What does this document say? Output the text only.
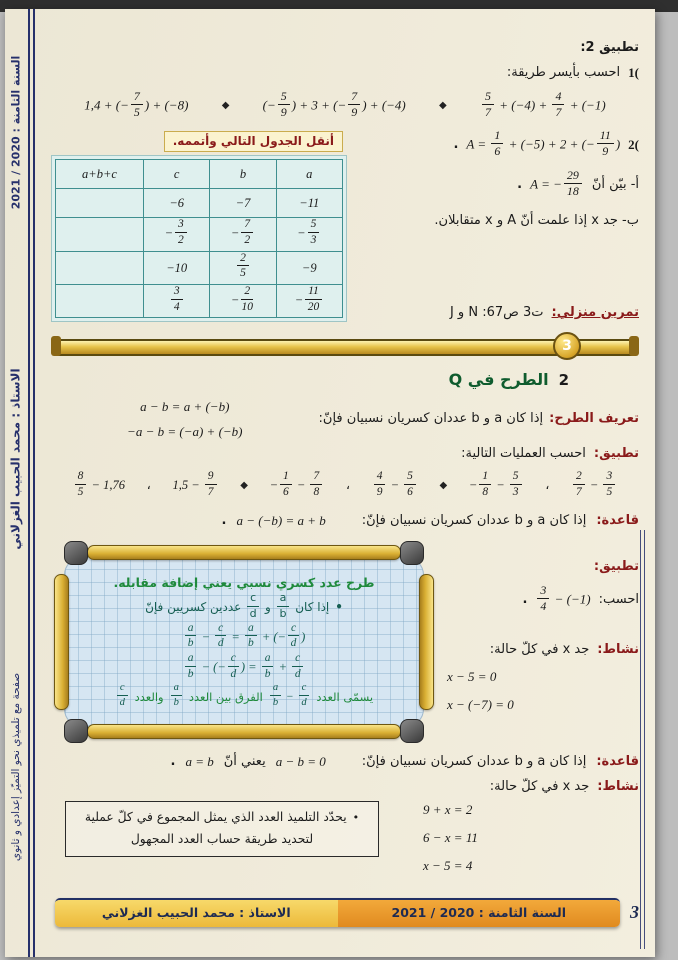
السنة الثامنة : 2020 / 2021
الاستاذ : محمد الحبيب الغزلاني
صفحة مع تلميذي نحو التميّز إعدادي و ثانوي
تطبيق 2:
1(
احسب بأيسر طريقة:
1,4 + (− $\frac{7}{5}$ ) + (−8)	◆	(− $\frac{5}{9}$ ) + 3 + (− $\frac{7}{9}$ ) + (−4)	◆	$\frac{5}{7} + (-4) + \frac{4}{7} + (-1)$
2(
$A = \frac{1}{6} + (-5) + 2$ + (− $\frac{11}{9}$ )
.
أ- بيّن أنّ
A = − $\frac{29}{18}$
.
ب- جد x إذا علمت أنّ A و x متقابلان.
تمرين منزلي:
ت3 ص67: N و J
أنقل الجدول التالي وأتممه.
a	b	c	a+b+c
−11	−7	−6	
− $\frac{5}{3}$	− $\frac{7}{2}$	− $\frac{3}{2}$

−9	$\frac{2}{5}$	−10	
− $\frac{11}{20}$	− $\frac{2}{10}$	$\frac{3}{4}$

3
2
الطرح في Q
تعريف الطرح:
إذا كان a و b عددان كسريان نسبيان فإنّ:
a − b = a + (−b)
−a − b = (−a) + (−b)
تطبيق:
احسب العمليات التالية:
$\frac{8}{5} - 1,76$ ، $1,5 - \frac{9}{7}$ ◆ − $\frac{1}{6} - \frac{7}{8}$ ، $\frac{4}{9} - \frac{5}{6}$ ◆ − $\frac{1}{8} - \frac{5}{3}$ ، $\frac{2}{7} - \frac{3}{5}$
قاعدة:
إذا كان a و b عددان كسريان نسبيان فإنّ:
a − (−b) = a + b
.
تطبيق:
احسب:
$\frac{3}{4} - (-1)$
.
نشاط:
جد x في كلّ حالة:
x − 5 = 0
x − (−7) = 0
طرح عدد كسري نسبي يعني إضافة مقابله.
•
إذا كان
$\frac{a}{b}$
و
$\frac{c}{d}$
عددين كسريين فإنّ
$\frac{a}{b} - \frac{c}{d} = \frac{a}{b}$ + (− $\frac{c}{d}$ )
$\frac{a}{b}$ − (− $\frac{c}{d}$ ) = $\frac{a}{b} + \frac{c}{d}$
يسمّى العدد
$\frac{a}{b} - \frac{c}{d}$
الفرق بين العدد
$\frac{a}{b}$
والعدد
$\frac{c}{d}$
قاعدة:
إذا كان a و b عددان كسريان نسبيان فإنّ:
a − b = 0
يعني أنّ
a = b
.
نشاط:
جد x في كلّ حالة:
9 + x = 2
6 − x = 11
x − 5 = 4
•
يحدّد التلميذ العدد الذي يمثل المجموع في كلّ عملية
لتحديد طريقة حساب العدد المجهول
3
السنة الثامنة : 2020 / 2021
الاستاذ : محمد الحبيب الغزلاني
